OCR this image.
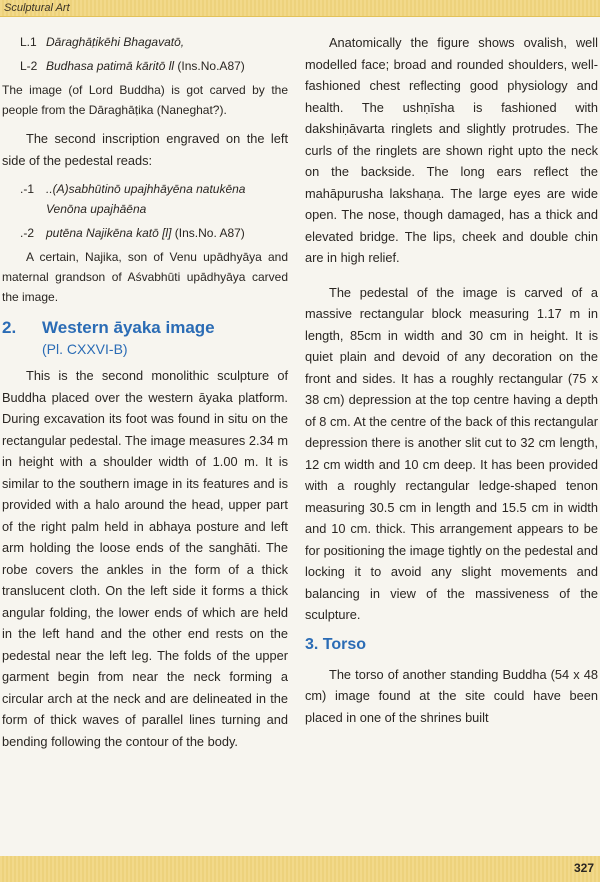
Sculptural Art
L.1 Dāraghāṭikēhi Bhagavatō,
L-2 Budhasa patimā kāritō ll (Ins.No.A87)

The image (of Lord Buddha) is got carved by the people from the Dāraghāṭika (Naneghat?).

The second inscription engraved on the left side of the pedestal reads:

.-1 ..(A)sabhūtinō upajhhāyēna natukēna
Venōna upajhāēna
.-2 putēna Najikēna katō [l] (Ins.No. A87)

A certain, Najika, son of Venu upādhyāya and maternal grandson of Aśvabhūti upādhyāya carved the image.

2.	Western āyaka image
(Pl. CXXVI-B)

This is the second monolithic sculpture of Buddha placed over the western āyaka platform. During excavation its foot was found in situ on the rectangular pedestal. The image measures 2.34 m in height with a shoulder width of 1.00 m. It is similar to the southern image in its features and is provided with a halo around the head, upper part of the right palm held in abhaya posture and left arm holding the loose ends of the sanghāti. The robe covers the ankles in the form of a thick translucent cloth. On the left side it forms a thick angular folding, the lower ends of which are held in the left hand and the other end rests on the pedestal near the left leg. The folds of the upper garment begin from near the neck forming a circular arch at the neck and are delineated in the form of thick waves of parallel lines turning and bending following the contour of the body.

Anatomically the figure shows ovalish, well modelled face; broad and rounded shoulders, well-fashioned chest reflecting good physiology and health. The ushṇīsha is fashioned with dakshiṇāvarta ringlets and slightly protrudes. The curls of the ringlets are shown right upto the neck on the backside. The long ears reflect the mahāpurusha lakshaṇa. The large eyes are wide open. The nose, though damaged, has a thick and elevated bridge. The lips, cheek and double chin are in high relief.

The pedestal of the image is carved of a massive rectangular block measuring 1.17 m in length, 85cm in width and 30 cm in height. It is quiet plain and devoid of any decoration on the front and sides. It has a roughly rectangular (75 x 38 cm) depression at the top centre having a depth of 8 cm. At the centre of the back of this rectangular depression there is another slit cut to 32 cm length, 12 cm width and 10 cm deep. It has been provided with a roughly rectangular ledge-shaped tenon measuring 30.5 cm in length and 15.5 cm in width and 10 cm. thick. This arrangement appears to be for positioning the image tightly on the pedestal and locking it to avoid any slight movements and balancing in view of the massiveness of the sculpture.

3. Torso

The torso of another standing Buddha (54 x 48 cm) image found at the site could have been placed in one of the shrines built

327
